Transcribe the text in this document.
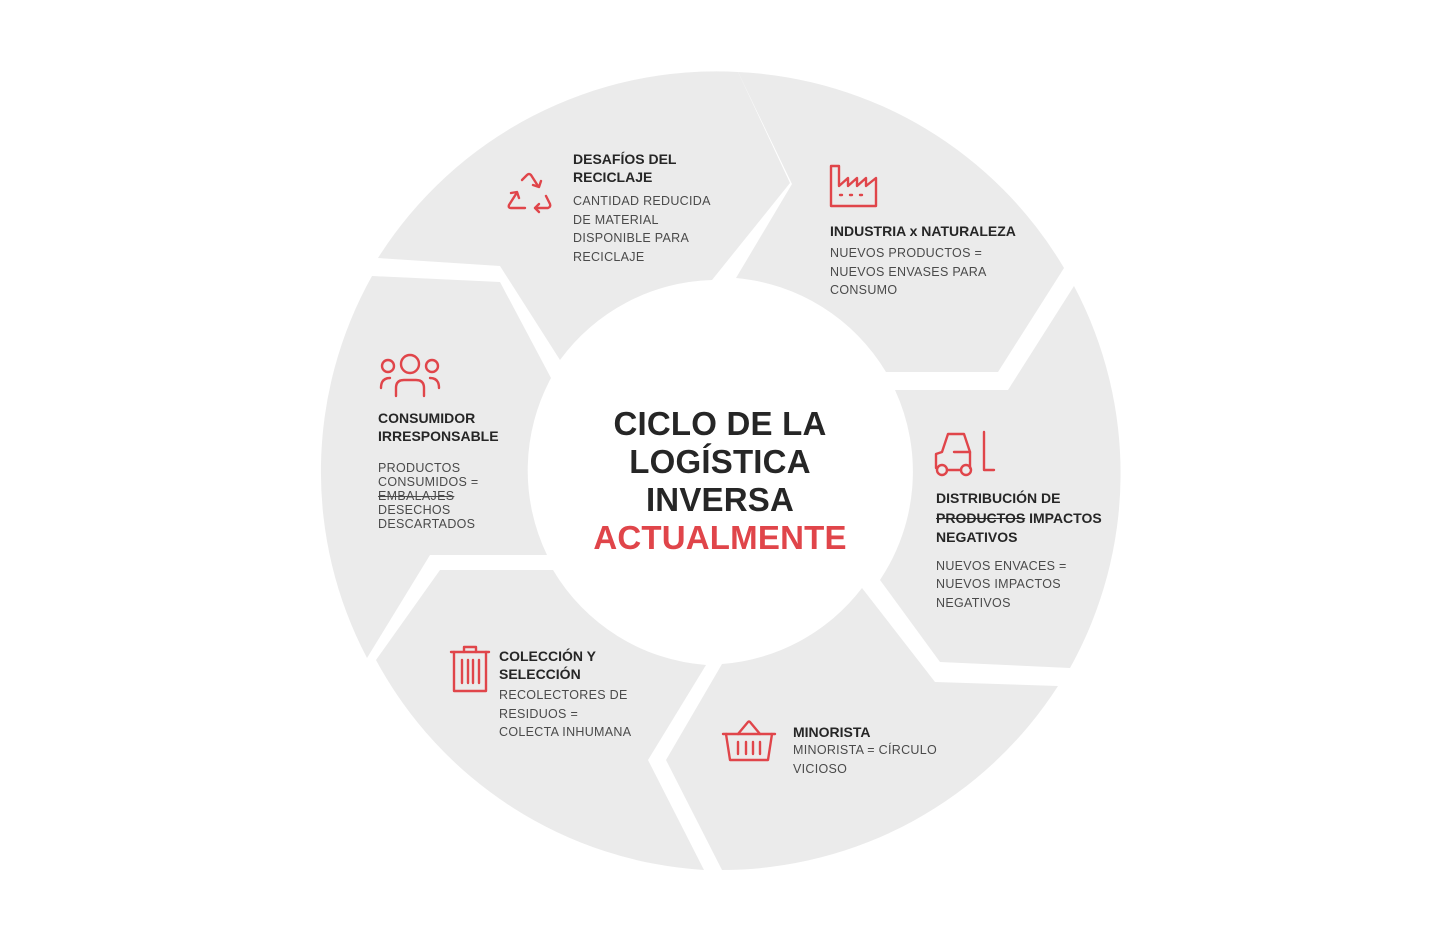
CICLO DE LA
LOGÍSTICA
INVERSA
ACTUALMENTE
DESAFÍOS DEL RECICLAJE
CANTIDAD REDUCIDA DE MATERIAL DISPONIBLE PARA RECICLAJE
INDUSTRIA x NATURALEZA
NUEVOS PRODUCTOS = NUEVOS ENVASES PARA CONSUMO
DISTRIBUCIÓN DE PRODUCTOS IMPACTOS NEGATIVOS
NUEVOS ENVACES = NUEVOS IMPACTOS NEGATIVOS
MINORISTA
MINORISTA = CÍRCULO VICIOSO
COLECCIÓN Y SELECCIÓN
RECOLECTORES DE RESIDUOS = COLECTA INHUMANA
CONSUMIDOR IRRESPONSABLE
PRODUCTOS CONSUMIDOS = EMBALAJES DESECHOS DESCARTADOS
